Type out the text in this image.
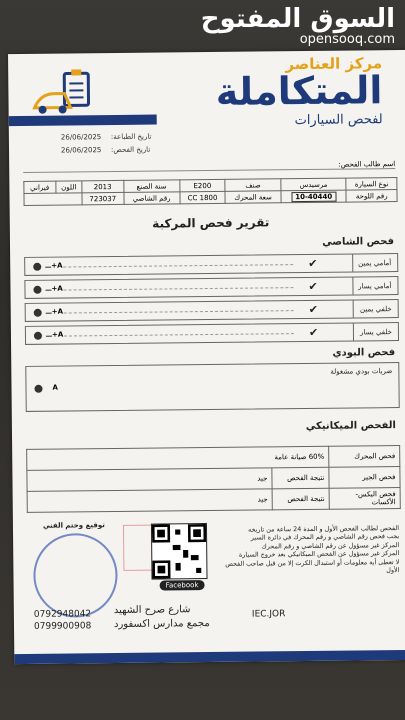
السوق المفتوح
opensooq.com
مركز العناصر
المتكاملة
لفحص السيارات
26/06/2025 تاريخ الطباعة:
26/06/2025 تاريخ الفحص:
اسم طالب الفحص:
نوع السيارة	مرسيدس	صنف	E200	سنة الصنع	2013	اللون	فيراني
رقم اللوحة	10-40440	سعة المحرك	1800 CC	رقم الشاصي	723037		
تقرير فحص المركبة
فحص الشاصي
أمامي يمين
✔
+A
أمامي يسار
✔
+A
خلفي يمين
✔
+A
خلفي يسار
✔
+A
فحص البودي
ضربات بودي مشغولة
A
الفحص الميكانيكي
فحص المحرك	60% صيانة عامة	
فحص الجير	نتيجة الفحص	جيد
فحص البكس-الأكسات	نتيجة الفحص	جيد
توقيع وختم الفني
Facebook
الفحص لطالب الفحص الأول و المدة 24 ساعة من تاريخه
يجب فحص رقم الشاصي و رقم المحرك في دائرة السير
المركز غير مسؤول عن رقم الشاصي و رقم المحرك
المركز غير مسؤول عن الفحص الميكانيكي بعد خروج السيارة
لا تعطى أية معلومات أو استبدال الكرت إلا من قبل صاحب الفحص الأول
0792948042
0799900908
شارع صرح الشهيد
مجمع مدارس اكسفورد
IEC.JOR
